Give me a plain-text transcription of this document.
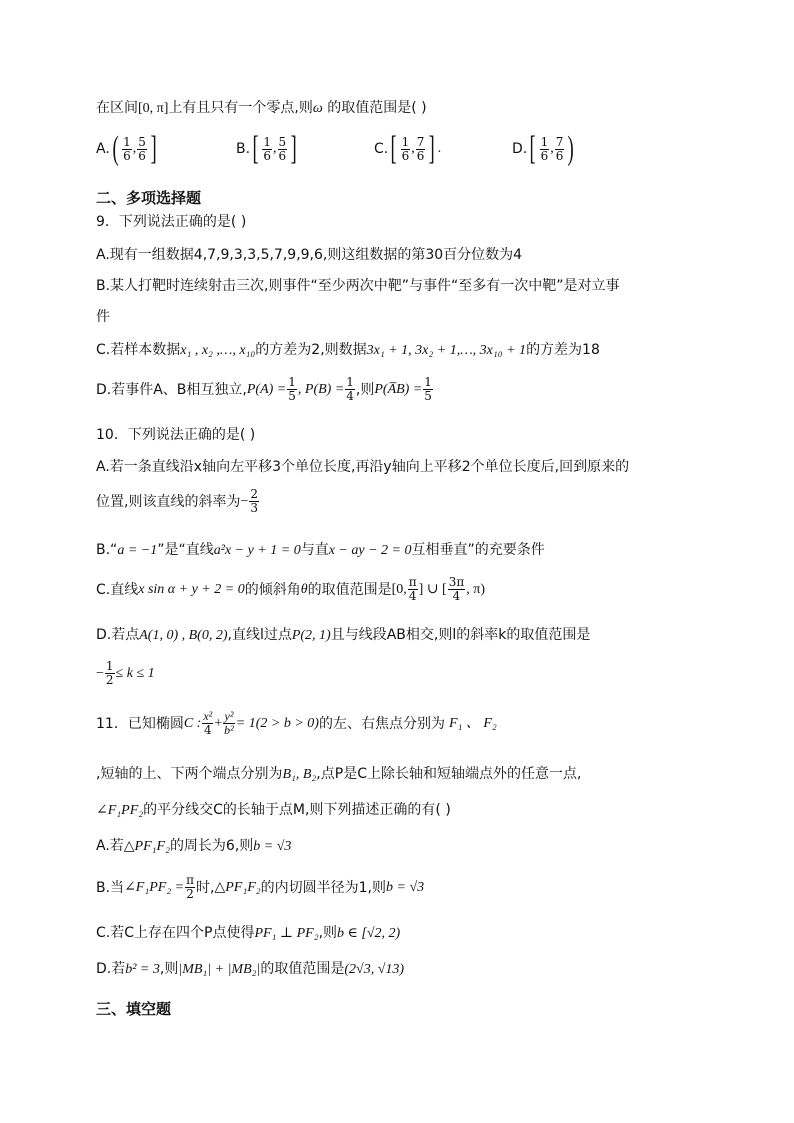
在区间[0, π]上有且只有一个零点,则ω 的取值范围是( )
A. ( $\frac{1}{6}$ , $\frac{5}{6}$ ]	B. [ $\frac{1}{6}$ , $\frac{5}{6}$ ]	C. [ $\frac{1}{6}$ , $\frac{7}{6}$ ] .	D. [ $\frac{1}{6}$ , $\frac{7}{6}$ )
二、多项选择题
9．下列说法正确的是( )
A.现有一组数据4,7,9,3,3,5,7,9,9,6,则这组数据的第30百分位数为4
B.某人打靶时连续射击三次,则事件“至少两次中靶”与事件“至多有一次中靶”是对立事
件
C.若样本数据x₁ , x₂ ,…, x₁₀的方差为2,则数据3x₁ + 1, 3x₂ + 1,…, 3x₁₀ + 1的方差为18
D.若事件A、B相互独立, $P(A) = \frac{1}{5}$ , $P(B) = \frac{1}{4}$ ,则 P(A̅B) = $\frac{1}{5}$
10．下列说法正确的是( )
A.若一条直线沿x轴向左平移3个单位长度,再沿y轴向上平移2个单位长度后,回到原来的
位置,则该直线的斜率为 − $\frac{2}{3}$
B.“a = −1”是“直线a²x − y + 1 = 0与直x − ay − 2 = 0互相垂直”的充要条件
C.直线 x sin α + y + 2 = 0 的倾斜角 θ 的取值范围是 [0, $\frac{\pi}{4}$ ] ∪ [ $\frac{3\pi}{4}$ , π)
D.若点A(1, 0) , B(0, 2),直线l过点P(2, 1)且与线段AB相交,则l的斜率k的取值范围是
− $\frac{1}{2} \le k \le 1$
11．已知椭圆 C : $\frac{\text{x²}}{4} + \frac{\text{y²}}{\text{b²}} = 1(2 > b > 0)$ 的左、右焦点分别为 F₁ 、 F₂
,短轴的上、下两个端点分别为B₁, B₂,点P是C上除长轴和短轴端点外的任意一点,
∠F₁PF₂的平分线交C的长轴于点M,则下列描述正确的有( )
A.若△PF₁F₂的周长为6,则b = √3
B.当 ∠F₁PF₂ = $\frac{\pi}{2}$ 时, △PF₁F₂ 的内切圆半径为1,则 b = √3
C.若C上存在四个P点使得PF₁ ⊥ PF₂,则b ∈ [√2, 2)
D.若b² = 3,则|MB₁| + |MB₂|的取值范围是(2√3, √13)
三、填空题
